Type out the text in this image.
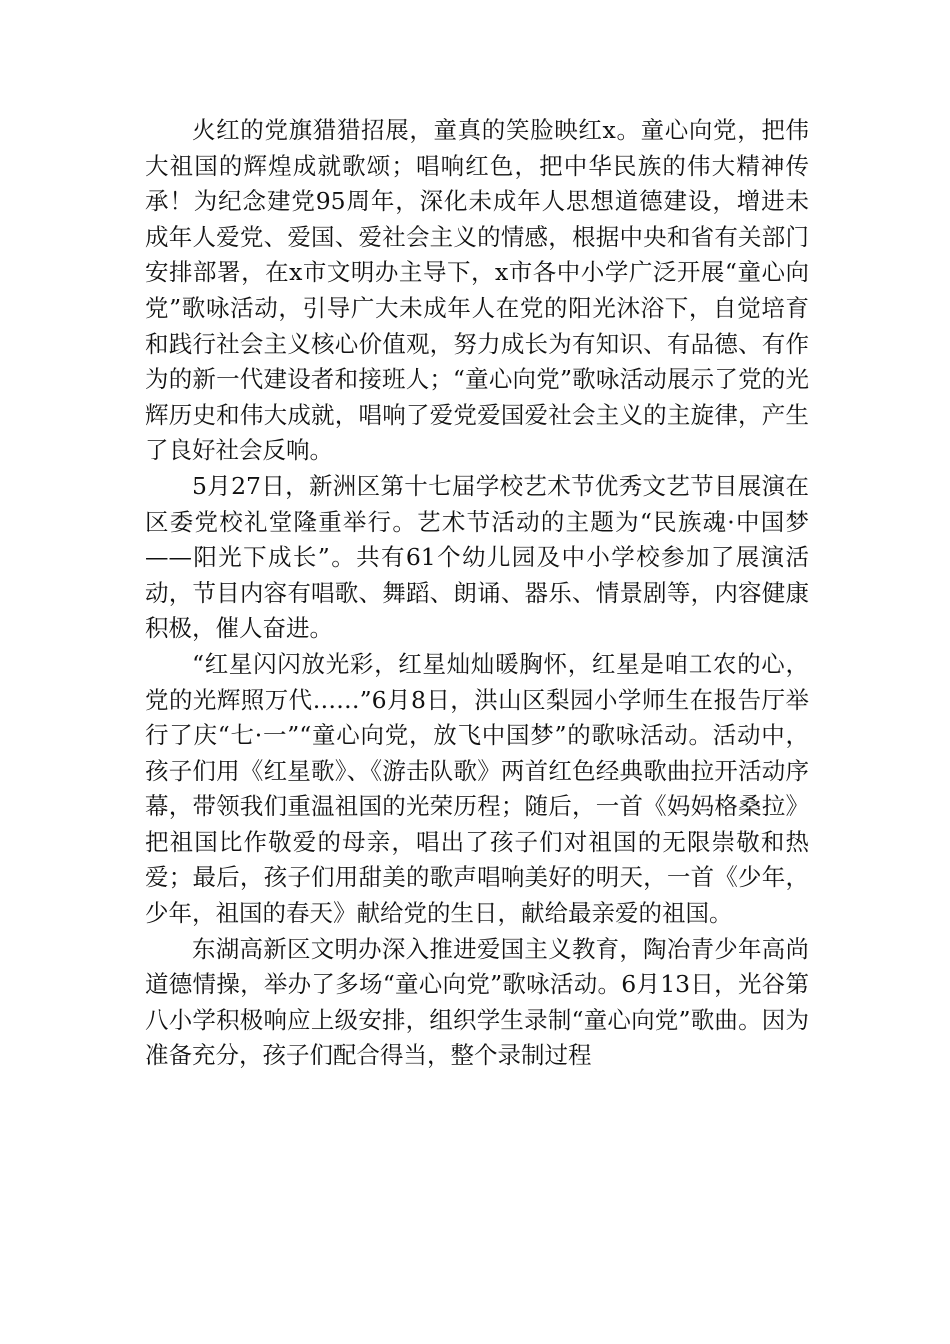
火红的党旗猎猎招展，童真的笑脸映红x。童心向党，把伟大祖国的辉煌成就歌颂；唱响红色，把中华民族的伟大精神传承！为纪念建党95周年，深化未成年人思想道德建设，增进未成年人爱党、爱国、爱社会主义的情感，根据中央和省有关部门安排部署，在x市文明办主导下，x市各中小学广泛开展“童心向党”歌咏活动，引导广大未成年人在党的阳光沐浴下，自觉培育和践行社会主义核心价值观，努力成长为有知识、有品德、有作为的新一代建设者和接班人；“童心向党”歌咏活动展示了党的光辉历史和伟大成就，唱响了爱党爱国爱社会主义的主旋律，产生了良好社会反响。

5月27日，新洲区第十七届学校艺术节优秀文艺节目展演在区委党校礼堂隆重举行。艺术节活动的主题为“民族魂·中国梦——阳光下成长”。共有61个幼儿园及中小学校参加了展演活动，节目内容有唱歌、舞蹈、朗诵、器乐、情景剧等，内容健康积极，催人奋进。

“红星闪闪放光彩，红星灿灿暖胸怀，红星是咱工农的心，党的光辉照万代……”6月8日，洪山区梨园小学师生在报告厅举行了庆“七·一”“童心向党，放飞中国梦”的歌咏活动。活动中，孩子们用《红星歌》、《游击队歌》两首红色经典歌曲拉开活动序幕，带领我们重温祖国的光荣历程；随后，一首《妈妈格桑拉》把祖国比作敬爱的母亲，唱出了孩子们对祖国的无限崇敬和热爱；最后，孩子们用甜美的歌声唱响美好的明天，一首《少年，少年，祖国的春天》献给党的生日，献给最亲爱的祖国。

东湖高新区文明办深入推进爱国主义教育，陶冶青少年高尚道德情操，举办了多场“童心向党”歌咏活动。6月13日，光谷第八小学积极响应上级安排，组织学生录制“童心向党”歌曲。因为准备充分，孩子们配合得当，整个录制过程
